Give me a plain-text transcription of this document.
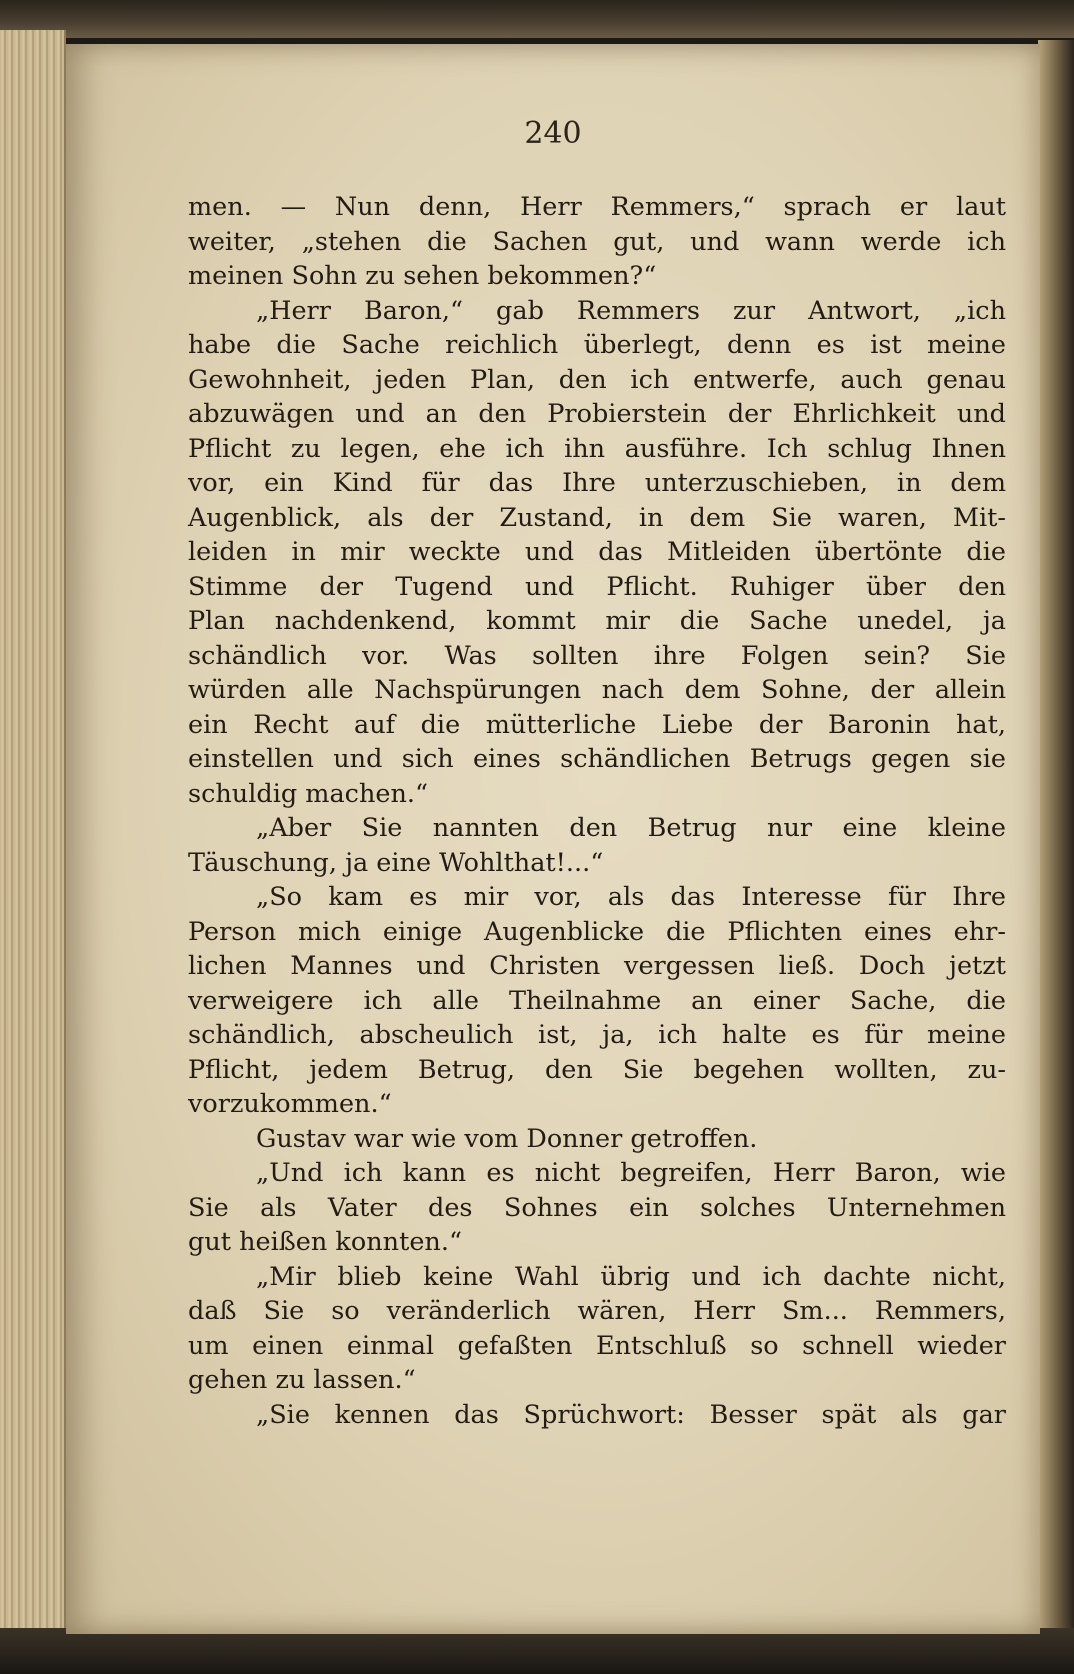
240
men. — Nun denn, Herr Remmers,“ sprach er laut
weiter, „stehen die Sachen gut, und wann werde ich
meinen Sohn zu sehen bekommen?“
„Herr Baron,“ gab Remmers zur Antwort, „ich
habe die Sache reichlich überlegt, denn es ist meine
Gewohnheit, jeden Plan, den ich entwerfe, auch genau
abzuwägen und an den Probierstein der Ehrlichkeit und
Pflicht zu legen, ehe ich ihn ausführe. Ich schlug Ihnen
vor, ein Kind für das Ihre unterzuschieben, in dem
Augenblick, als der Zustand, in dem Sie waren, Mit-
leiden in mir weckte und das Mitleiden übertönte die
Stimme der Tugend und Pflicht. Ruhiger über den
Plan nachdenkend, kommt mir die Sache unedel, ja
schändlich vor. Was sollten ihre Folgen sein? Sie
würden alle Nachspürungen nach dem Sohne, der allein
ein Recht auf die mütterliche Liebe der Baronin hat,
einstellen und sich eines schändlichen Betrugs gegen sie
schuldig machen.“
„Aber Sie nannten den Betrug nur eine kleine
Täuschung, ja eine Wohlthat!...“
„So kam es mir vor, als das Interesse für Ihre
Person mich einige Augenblicke die Pflichten eines ehr-
lichen Mannes und Christen vergessen ließ. Doch jetzt
verweigere ich alle Theilnahme an einer Sache, die
schändlich, abscheulich ist, ja, ich halte es für meine
Pflicht, jedem Betrug, den Sie begehen wollten, zu-
vorzukommen.“
Gustav war wie vom Donner getroffen.
„Und ich kann es nicht begreifen, Herr Baron, wie
Sie als Vater des Sohnes ein solches Unternehmen
gut heißen konnten.“
„Mir blieb keine Wahl übrig und ich dachte nicht,
daß Sie so veränderlich wären, Herr Sm... Remmers,
um einen einmal gefaßten Entschluß so schnell wieder
gehen zu lassen.“
„Sie kennen das Sprüchwort: Besser spät als gar
